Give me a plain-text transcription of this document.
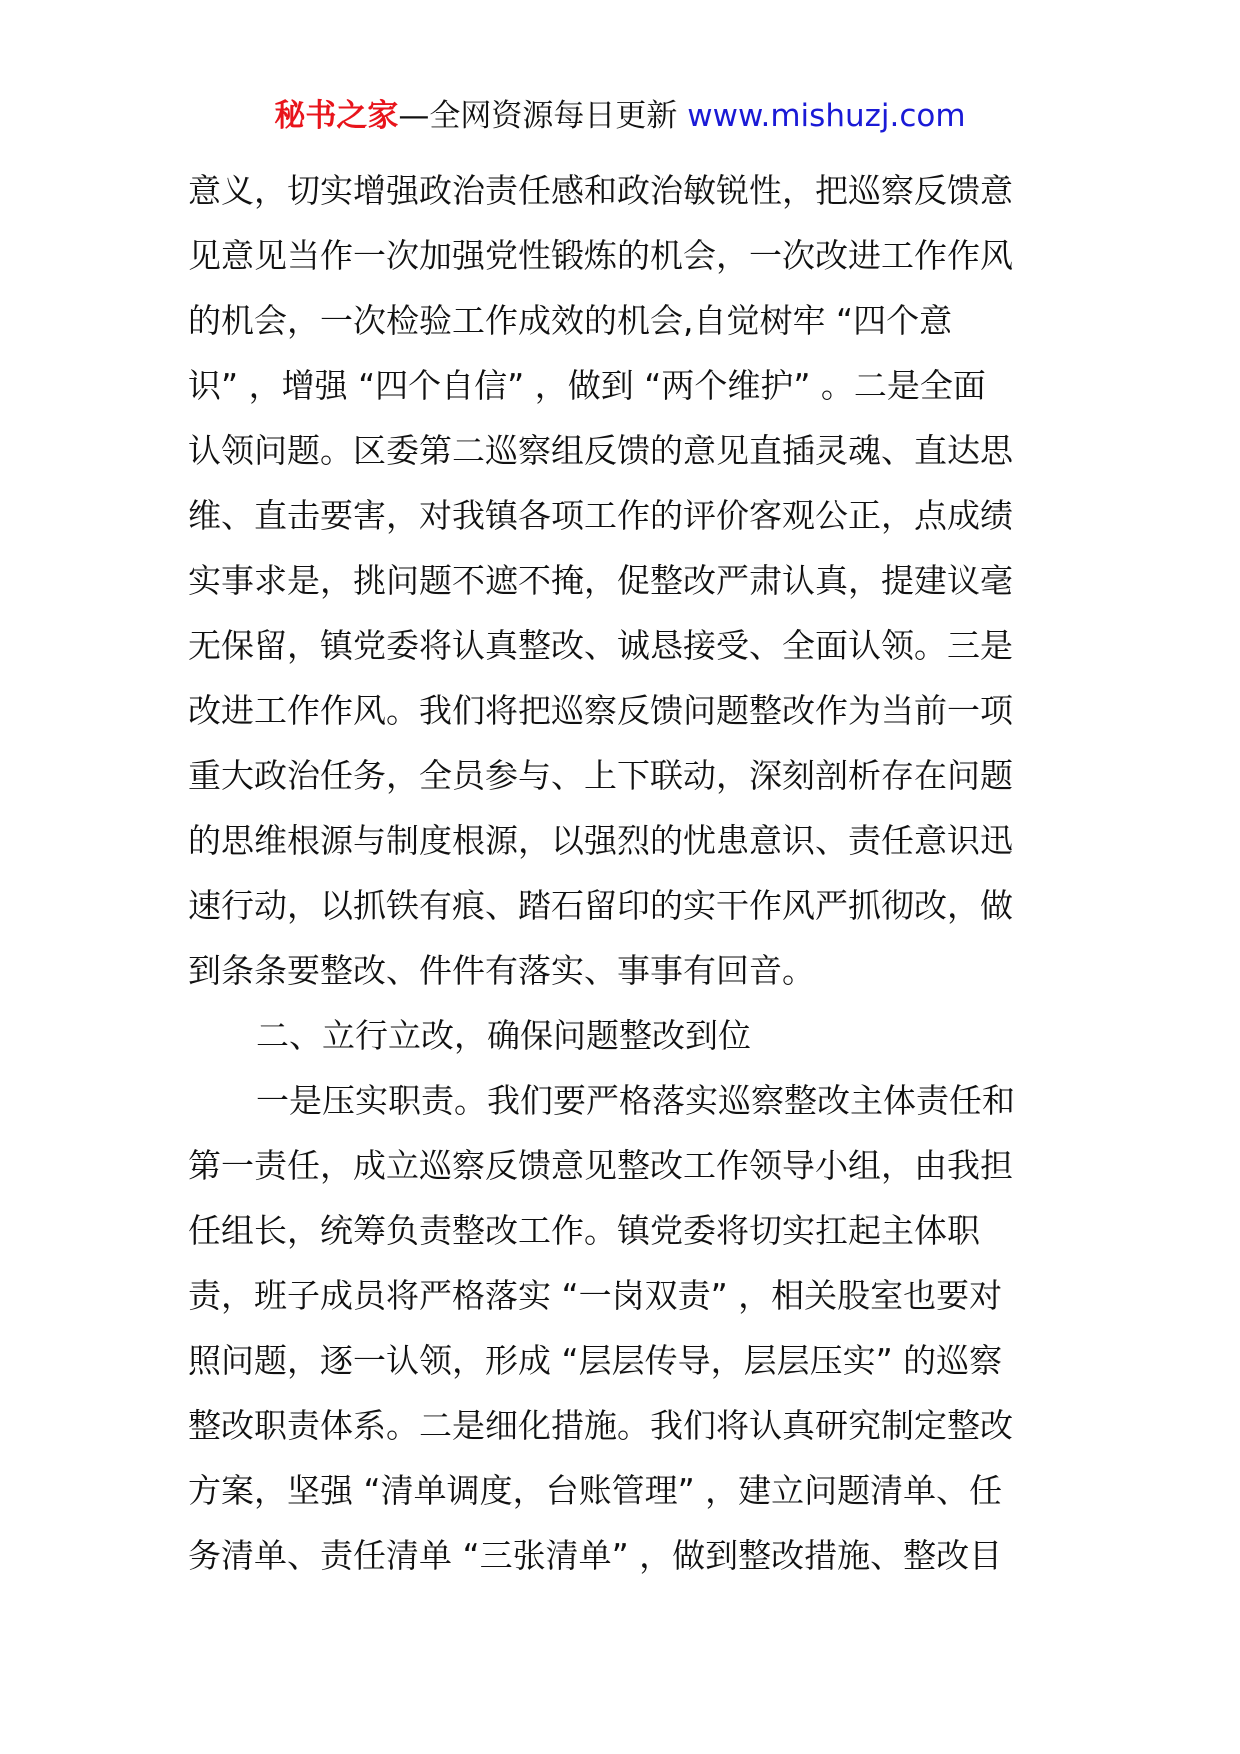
秘书之家—全网资源每日更新 www.mishuzj.com
意义，切实增强政治责任感和政治敏锐性，把巡察反馈意
见意见当作一次加强党性锻炼的机会，一次改进工作作风
的机会，一次检验工作成效的机会,自觉树牢 “四个意
识” ，增强 “四个自信” ，做到 “两个维护” 。二是全面
认领问题。区委第二巡察组反馈的意见直插灵魂、直达思
维、直击要害，对我镇各项工作的评价客观公正，点成绩
实事求是，挑问题不遮不掩，促整改严肃认真，提建议毫
无保留，镇党委将认真整改、诚恳接受、全面认领。三是
改进工作作风。我们将把巡察反馈问题整改作为当前一项
重大政治任务，全员参与、上下联动，深刻剖析存在问题
的思维根源与制度根源，以强烈的忧患意识、责任意识迅
速行动，以抓铁有痕、踏石留印的实干作风严抓彻改，做
到条条要整改、件件有落实、事事有回音。
二、立行立改，确保问题整改到位
一是压实职责。我们要严格落实巡察整改主体责任和
第一责任，成立巡察反馈意见整改工作领导小组，由我担
任组长，统筹负责整改工作。镇党委将切实扛起主体职
责，班子成员将严格落实 “一岗双责” ，相关股室也要对
照问题，逐一认领，形成 “层层传导，层层压实” 的巡察
整改职责体系。二是细化措施。我们将认真研究制定整改
方案，坚强 “清单调度，台账管理” ，建立问题清单、任
务清单、责任清单 “三张清单” ，做到整改措施、整改目
